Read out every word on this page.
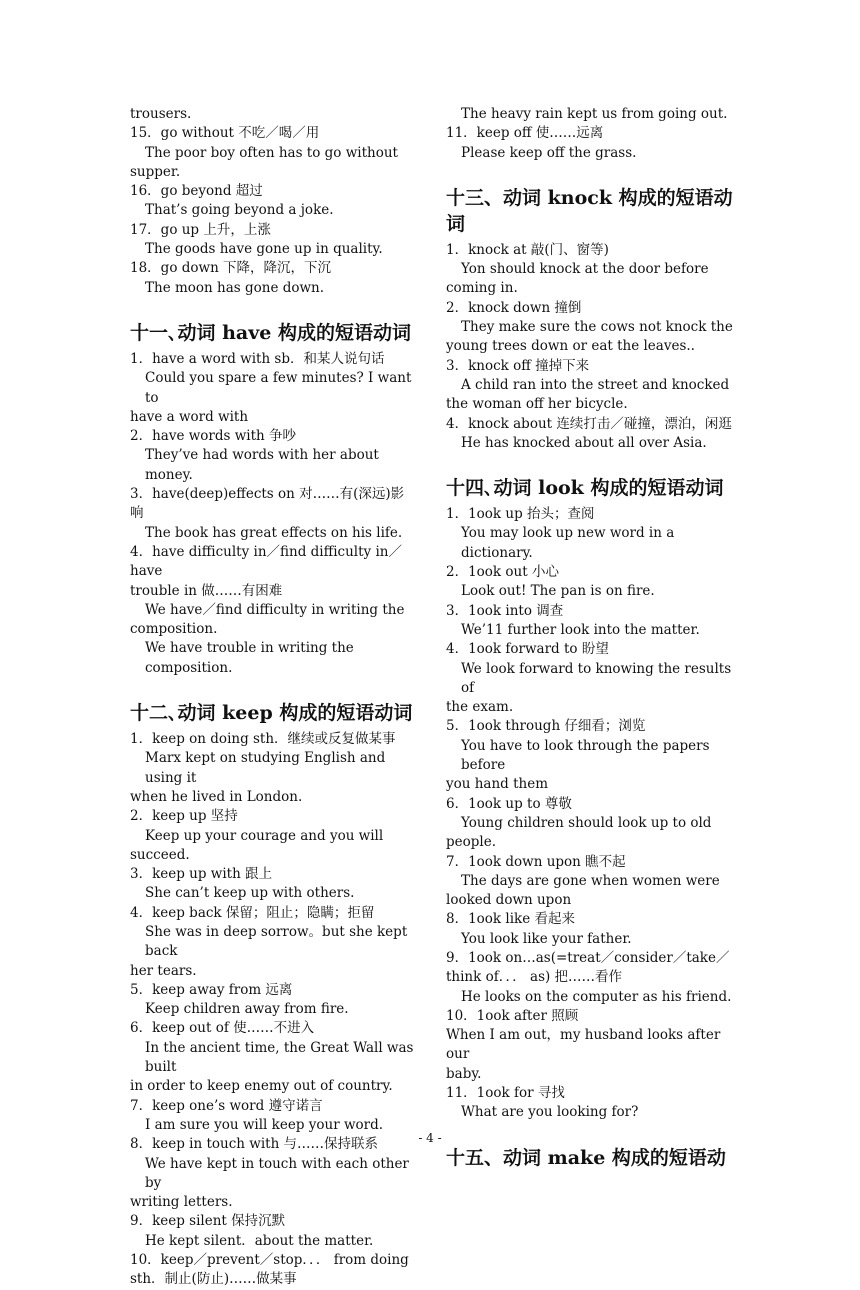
trousers.
15．go without 不吃／喝／用
The poor boy often has to go without
supper.
16．go beyond 超过
That’s going beyond a joke.
17．go up 上升，上涨
The goods have gone up in quality.
18．go down 下降，降沉，下沉
The moon has gone down.
十一､动词 have 构成的短语动词
1．have a word with sb．和某人说句话
Could you spare a few minutes? I want to
have a word with
2．have words with 争吵
They’ve had words with her about money.
3．have(deep)effects on 对……有(深远)影响
The book has great effects on his life.
4．have difficulty in／find difficulty in／have
trouble in 做……有困难
We have／find difficulty in writing the
composition.
We have trouble in writing the composition.
十二､动词 keep 构成的短语动词
1．keep on doing sth．继续或反复做某事
Marx kept on studying English and using it
when he lived in London.
2．keep up 坚持
Keep up your courage and you will
succeed.
3．keep up with 跟上
She can’t keep up with others.
4．keep back 保留；阻止；隐瞒；拒留
She was in deep sorrow。but she kept back
her tears.
5．keep away from 远离
Keep children away from fire.
6．keep out of 使……不进入
In the ancient time, the Great Wall was built
in order to keep enemy out of country.
7．keep one’s word 遵守诺言
I am sure you will keep your word.
8．keep in touch with 与……保持联系
We have kept in touch with each other by
writing letters.
9．keep silent 保持沉默
He kept silent．about the matter.
10．keep／prevent／stop．．． from doing
sth．制止(防止)……做某事
The heavy rain kept us from going out.
11．keep off 使……远离
Please keep off the grass.
十三、动词 knock 构成的短语动词
1．knock at 敲(门、窗等)
Yon should knock at the door before
coming in.
2．knock down 撞倒
They make sure the cows not knock the
young trees down or eat the leaves..
3．knock off 撞掉下来
A child ran into the street and knocked
the woman off her bicycle.
4．knock about 连续打击／碰撞，漂泊，闲逛
He has knocked about all over Asia.
十四､动词 look 构成的短语动词
1．1ook up 抬头；查阅
You may look up new word in a dictionary.
2．1ook out 小心
Look out! The pan is on fire.
3．1ook into 调查
We’11 further look into the matter.
4．1ook forward to 盼望
We look forward to knowing the results of
the exam.
5．1ook through 仔细看；浏览
You have to look through the papers before
you hand them
6．1ook up to 尊敬
Young children should look up to old
people.
7．1ook down upon 瞧不起
The days are gone when women were
looked down upon
8．1ook like 看起来
You look like your father.
9．1ook on…as(=treat／consider／take／think of．．． as) 把……看作
He looks on the computer as his friend.
10．1ook after 照顾
When I am out，my husband looks after our
baby.
11．1ook for 寻找
What are you looking for?
十五、动词 make 构成的短语动
- 4 -
